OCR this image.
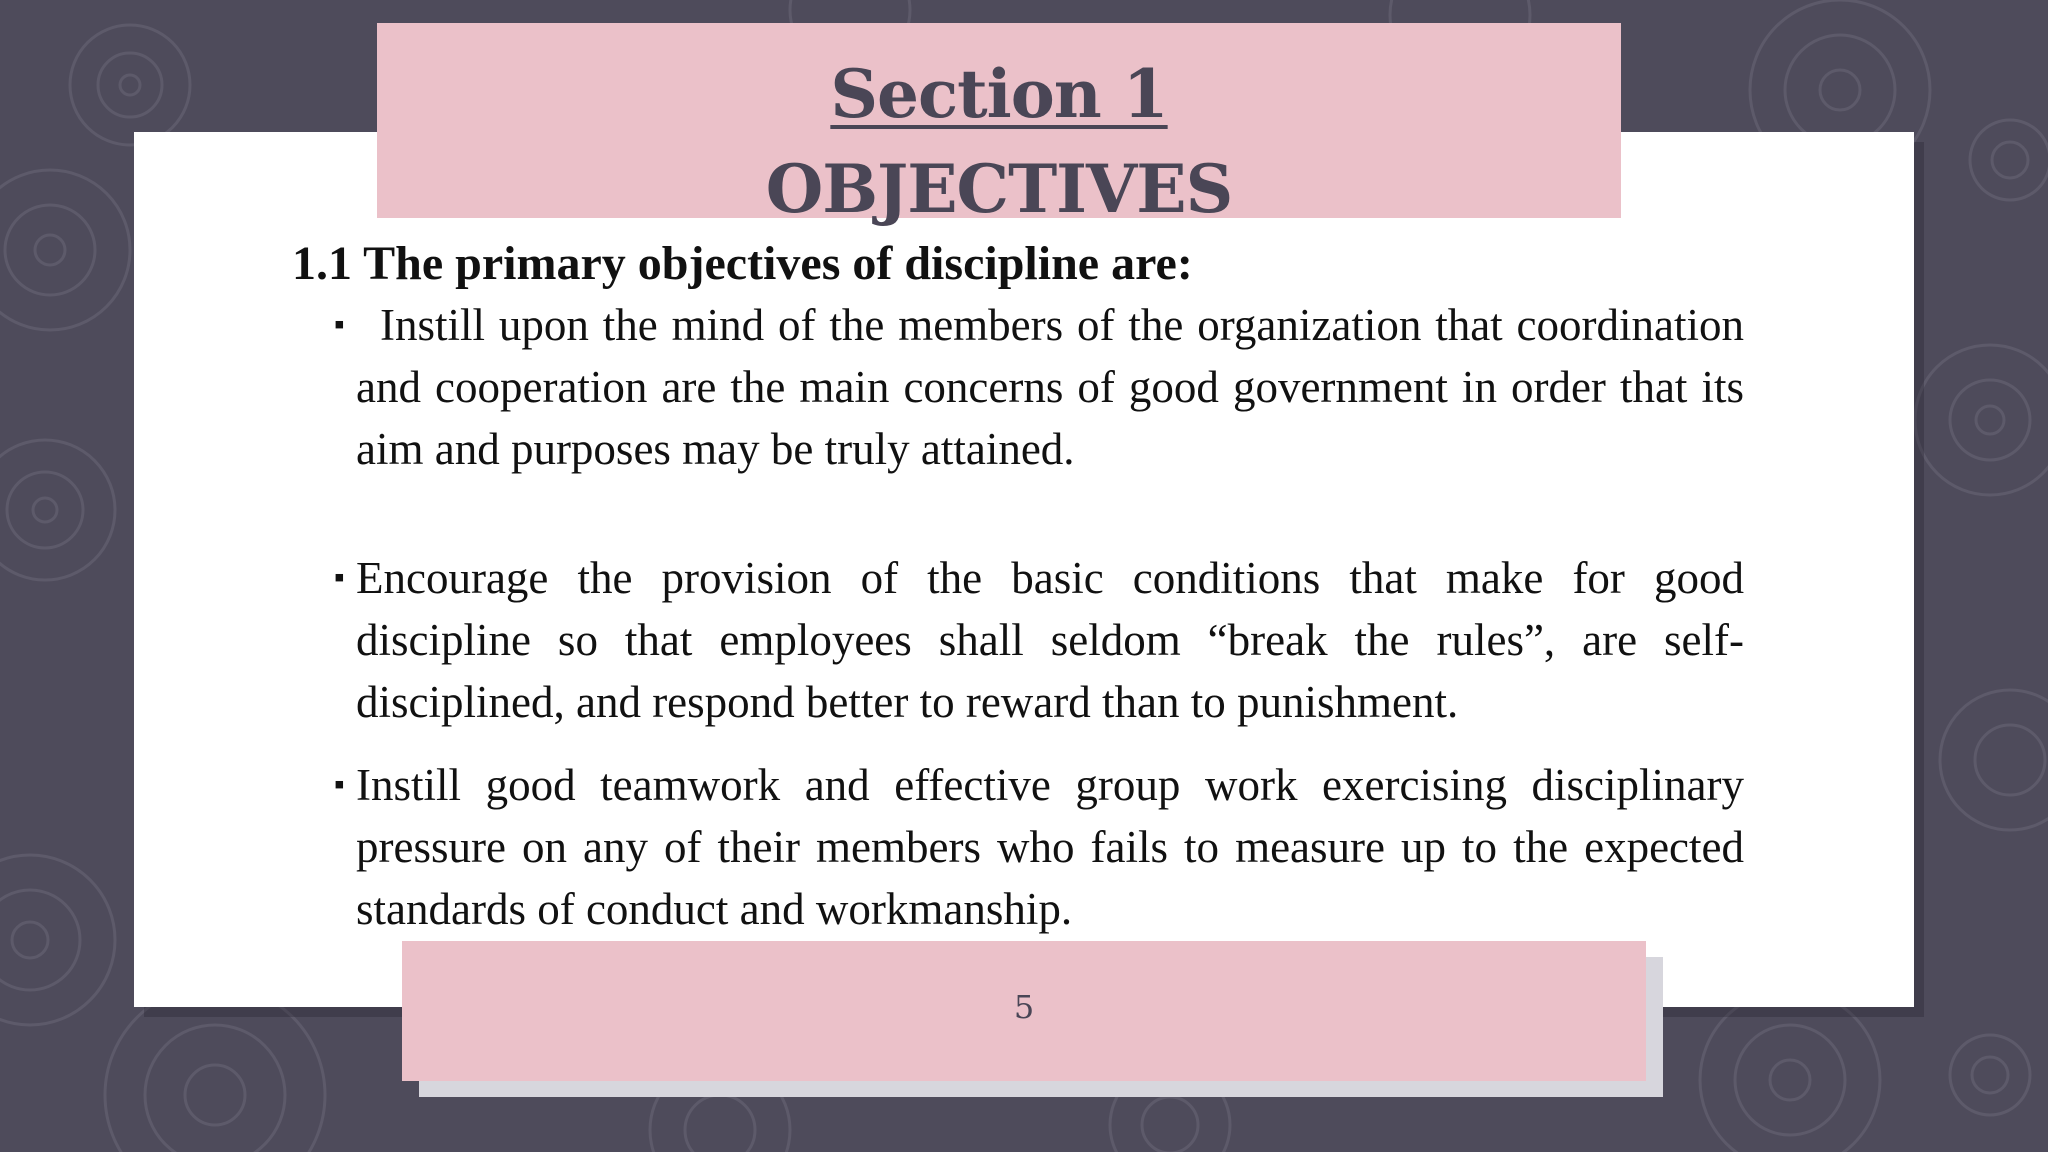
Section 1
OBJECTIVES
1.1 The primary objectives of discipline are:
▪ Instill upon the mind of the members of the organization that coordination and cooperation are the main concerns of good government in order that its aim and purposes may be truly attained.
▪ Encourage the provision of the basic conditions that make for good discipline so that employees shall seldom “break the rules”, are self-disciplined, and respond better to reward than to punishment.
▪ Instill good teamwork and effective group work exercising disciplinary pressure on any of their members who fails to measure up to the expected standards of conduct and workmanship.
5
